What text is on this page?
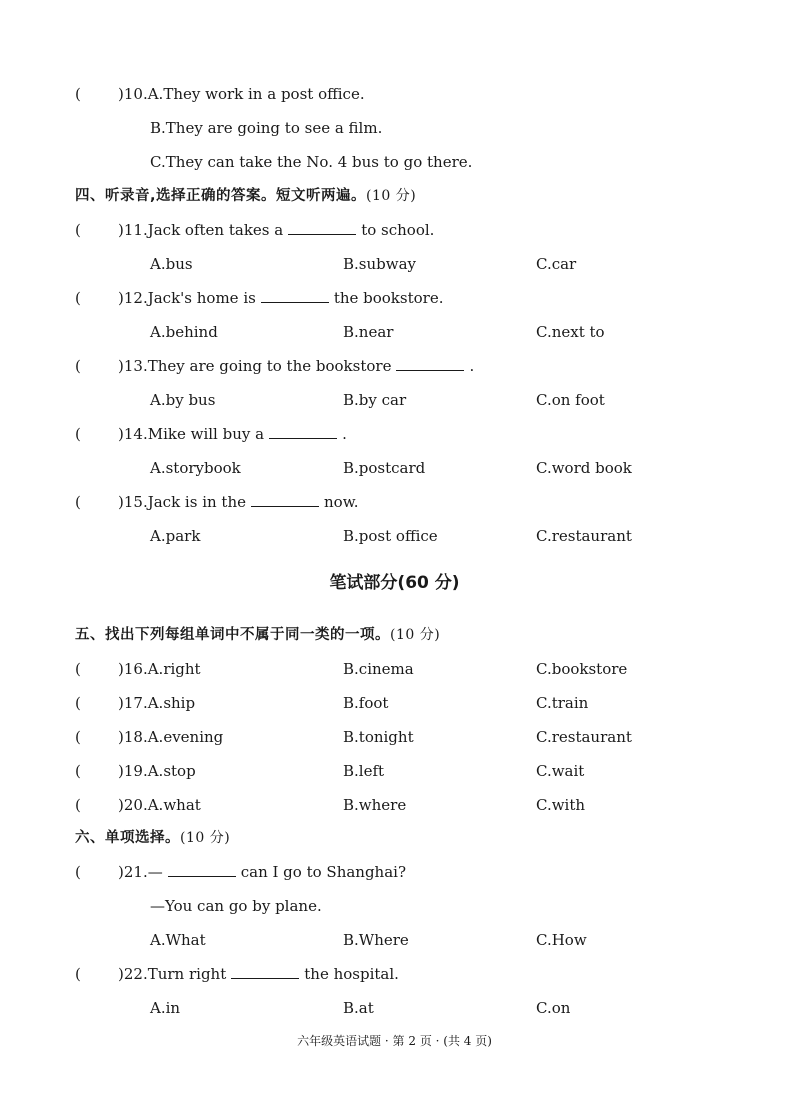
(	)10.A.They work in a post office.
B.They are going to see a film.
C.They can take the No. 4 bus to go there.
四、听录音,选择正确的答案。短文听两遍。(10 分)
(	)11.Jack often takes a	to school.
A.bus	B.subway	C.car
(	)12.Jack's home is	the bookstore.
A.behind	B.near	C.next to
(	)13.They are going to the bookstore	.
A.by bus	B.by car	C.on foot
(	)14.Mike will buy a	.
A.storybook	B.postcard	C.word book
(	)15.Jack is in the	now.
A.park	B.post office	C.restaurant
笔试部分(60 分)
五、找出下列每组单词中不属于同一类的一项。(10 分)
(	)16.A.right	B.cinema	C.bookstore
(	)17.A.ship	B.foot	C.train
(	)18.A.evening	B.tonight	C.restaurant
(	)19.A.stop	B.left	C.wait
(	)20.A.what	B.where	C.with
六、单项选择。(10 分)
(	)21.—	can I go to Shanghai?
—You can go by plane.
A.What	B.Where	C.How
(	)22.Turn right	the hospital.
A.in	B.at	C.on
六年级英语试题 · 第 2 页 · (共 4 页)
